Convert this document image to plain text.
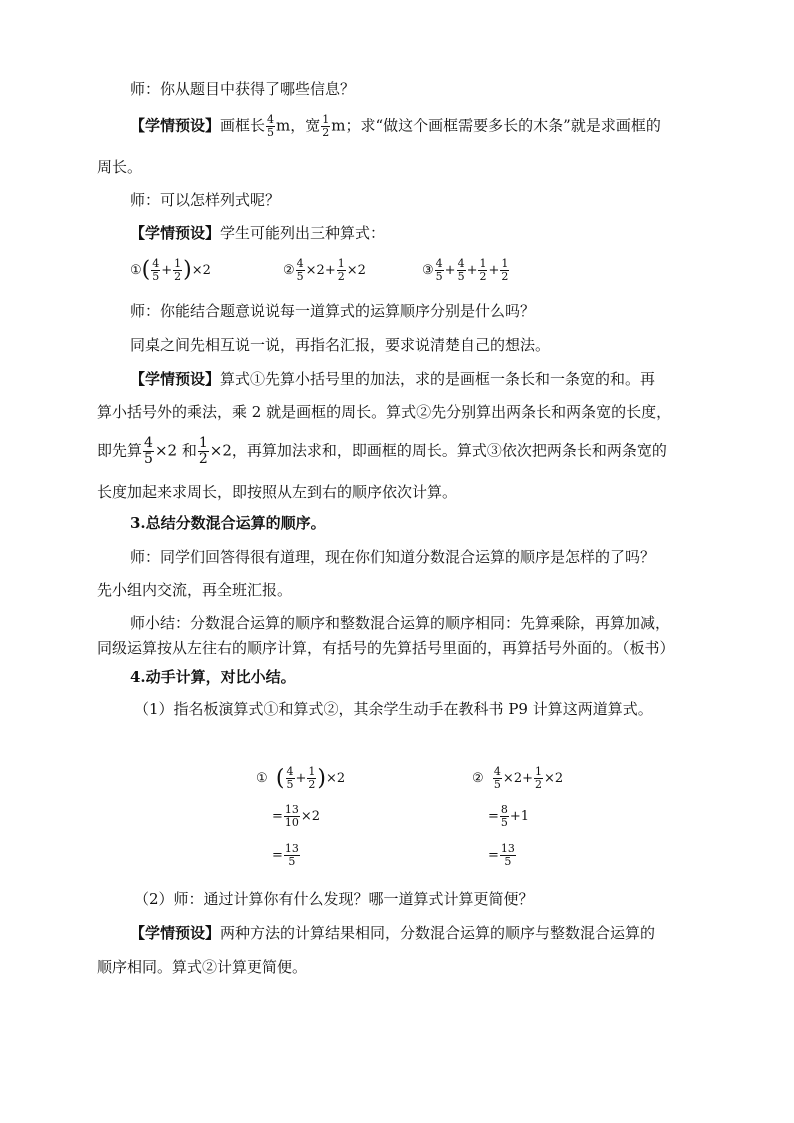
师：你从题目中获得了哪些信息？
【学情预设】画框长 $\frac{4}{5}$ m，宽 $\frac{1}{2}$ m；求“做这个画框需要多长的木条”就是求画框的
周长。
师：可以怎样列式呢？
【学情预设】学生可能列出三种算式：
①( $\frac{4}{5} + \frac{1}{2} )\times 2$	② $\frac{4}{5} \times 2+ \frac{1}{2} \times 2$	③ $\frac{4}{5} + \frac{4}{5} + \frac{1}{2} + \frac{1}{2}$
师：你能结合题意说说每一道算式的运算顺序分别是什么吗？
同桌之间先相互说一说，再指名汇报，要求说清楚自己的想法。
【学情预设】算式①先算小括号里的加法，求的是画框一条长和一条宽的和。再
算小括号外的乘法，乘 2 就是画框的周长。算式②先分别算出两条长和两条宽的长度，
即先算 $\frac{4}{5} \times 2$ 和 $\frac{1}{2} \times 2$，再算加法求和，即画框的周长。算式③依次把两条长和两条宽的
长度加起来求周长，即按照从左到右的顺序依次计算。
3.总结分数混合运算的顺序。
师：同学们回答得很有道理，现在你们知道分数混合运算的顺序是怎样的了吗？
先小组内交流，再全班汇报。
师小结：分数混合运算的顺序和整数混合运算的顺序相同：先算乘除，再算加减，
同级运算按从左往右的顺序计算，有括号的先算括号里面的，再算括号外面的。（板书）
4.动手计算，对比小结。
（1）指名板演算式①和算式②，其余学生动手在教科书 P9 计算这两道算式。
① ( $\frac{4}{5} + \frac{1}{2} )\times 2$
= $\frac{13}{10} \times 2$
= $\frac{13}{5}$
② $\frac{4}{5} \times 2+ \frac{1}{2} \times 2$
= $\frac{8}{5} +1$
= $\frac{13}{5}$
（2）师：通过计算你有什么发现？哪一道算式计算更简便？
【学情预设】两种方法的计算结果相同，分数混合运算的顺序与整数混合运算的
顺序相同。算式②计算更简便。
